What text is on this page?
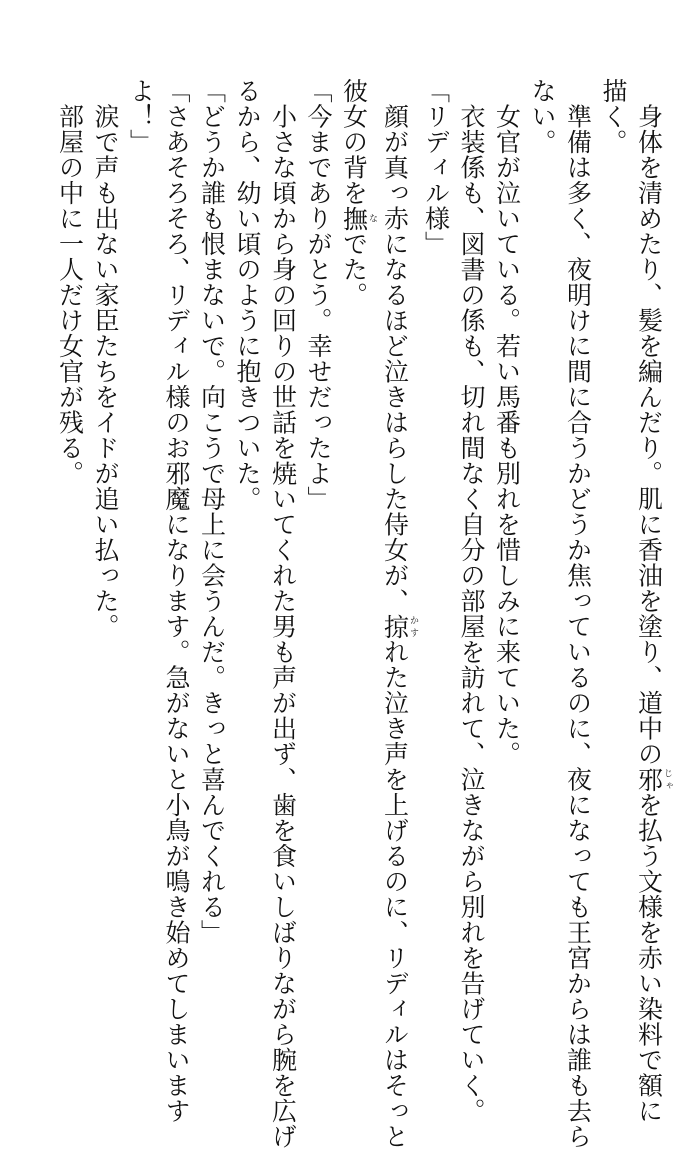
　身体を清めたり、髪を編んだり。肌に香油を塗り、道中の邪じゃを払う文様を赤い染料で額に
描く。
　準備は多く、夜明けに間に合うかどうか焦っているのに、夜になっても王宮からは誰も去ら
ない。
　女官が泣いている。若い馬番も別れを惜しみに来ていた。
　衣装係も、図書の係も、切れ間なく自分の部屋を訪れて、泣きながら別れを告げていく。
「リディル様」
　顔が真っ赤になるほど泣きはらした侍女が、掠かすれた泣き声を上げるのに、リディルはそっと
彼女の背を撫なでた。
「今までありがとう。幸せだったよ」
　小さな頃から身の回りの世話を焼いてくれた男も声が出ず、歯を食いしばりながら腕を広げ
るから、幼い頃のように抱きついた。
「どうか誰も恨まないで。向こうで母上に会うんだ。きっと喜んでくれる」
「さあそろそろ、リディル様のお邪魔になります。急がないと小鳥が鳴き始めてしまいます
よ！」
　涙で声も出ない家臣たちをイドが追い払った。
　部屋の中に一人だけ女官が残る。
